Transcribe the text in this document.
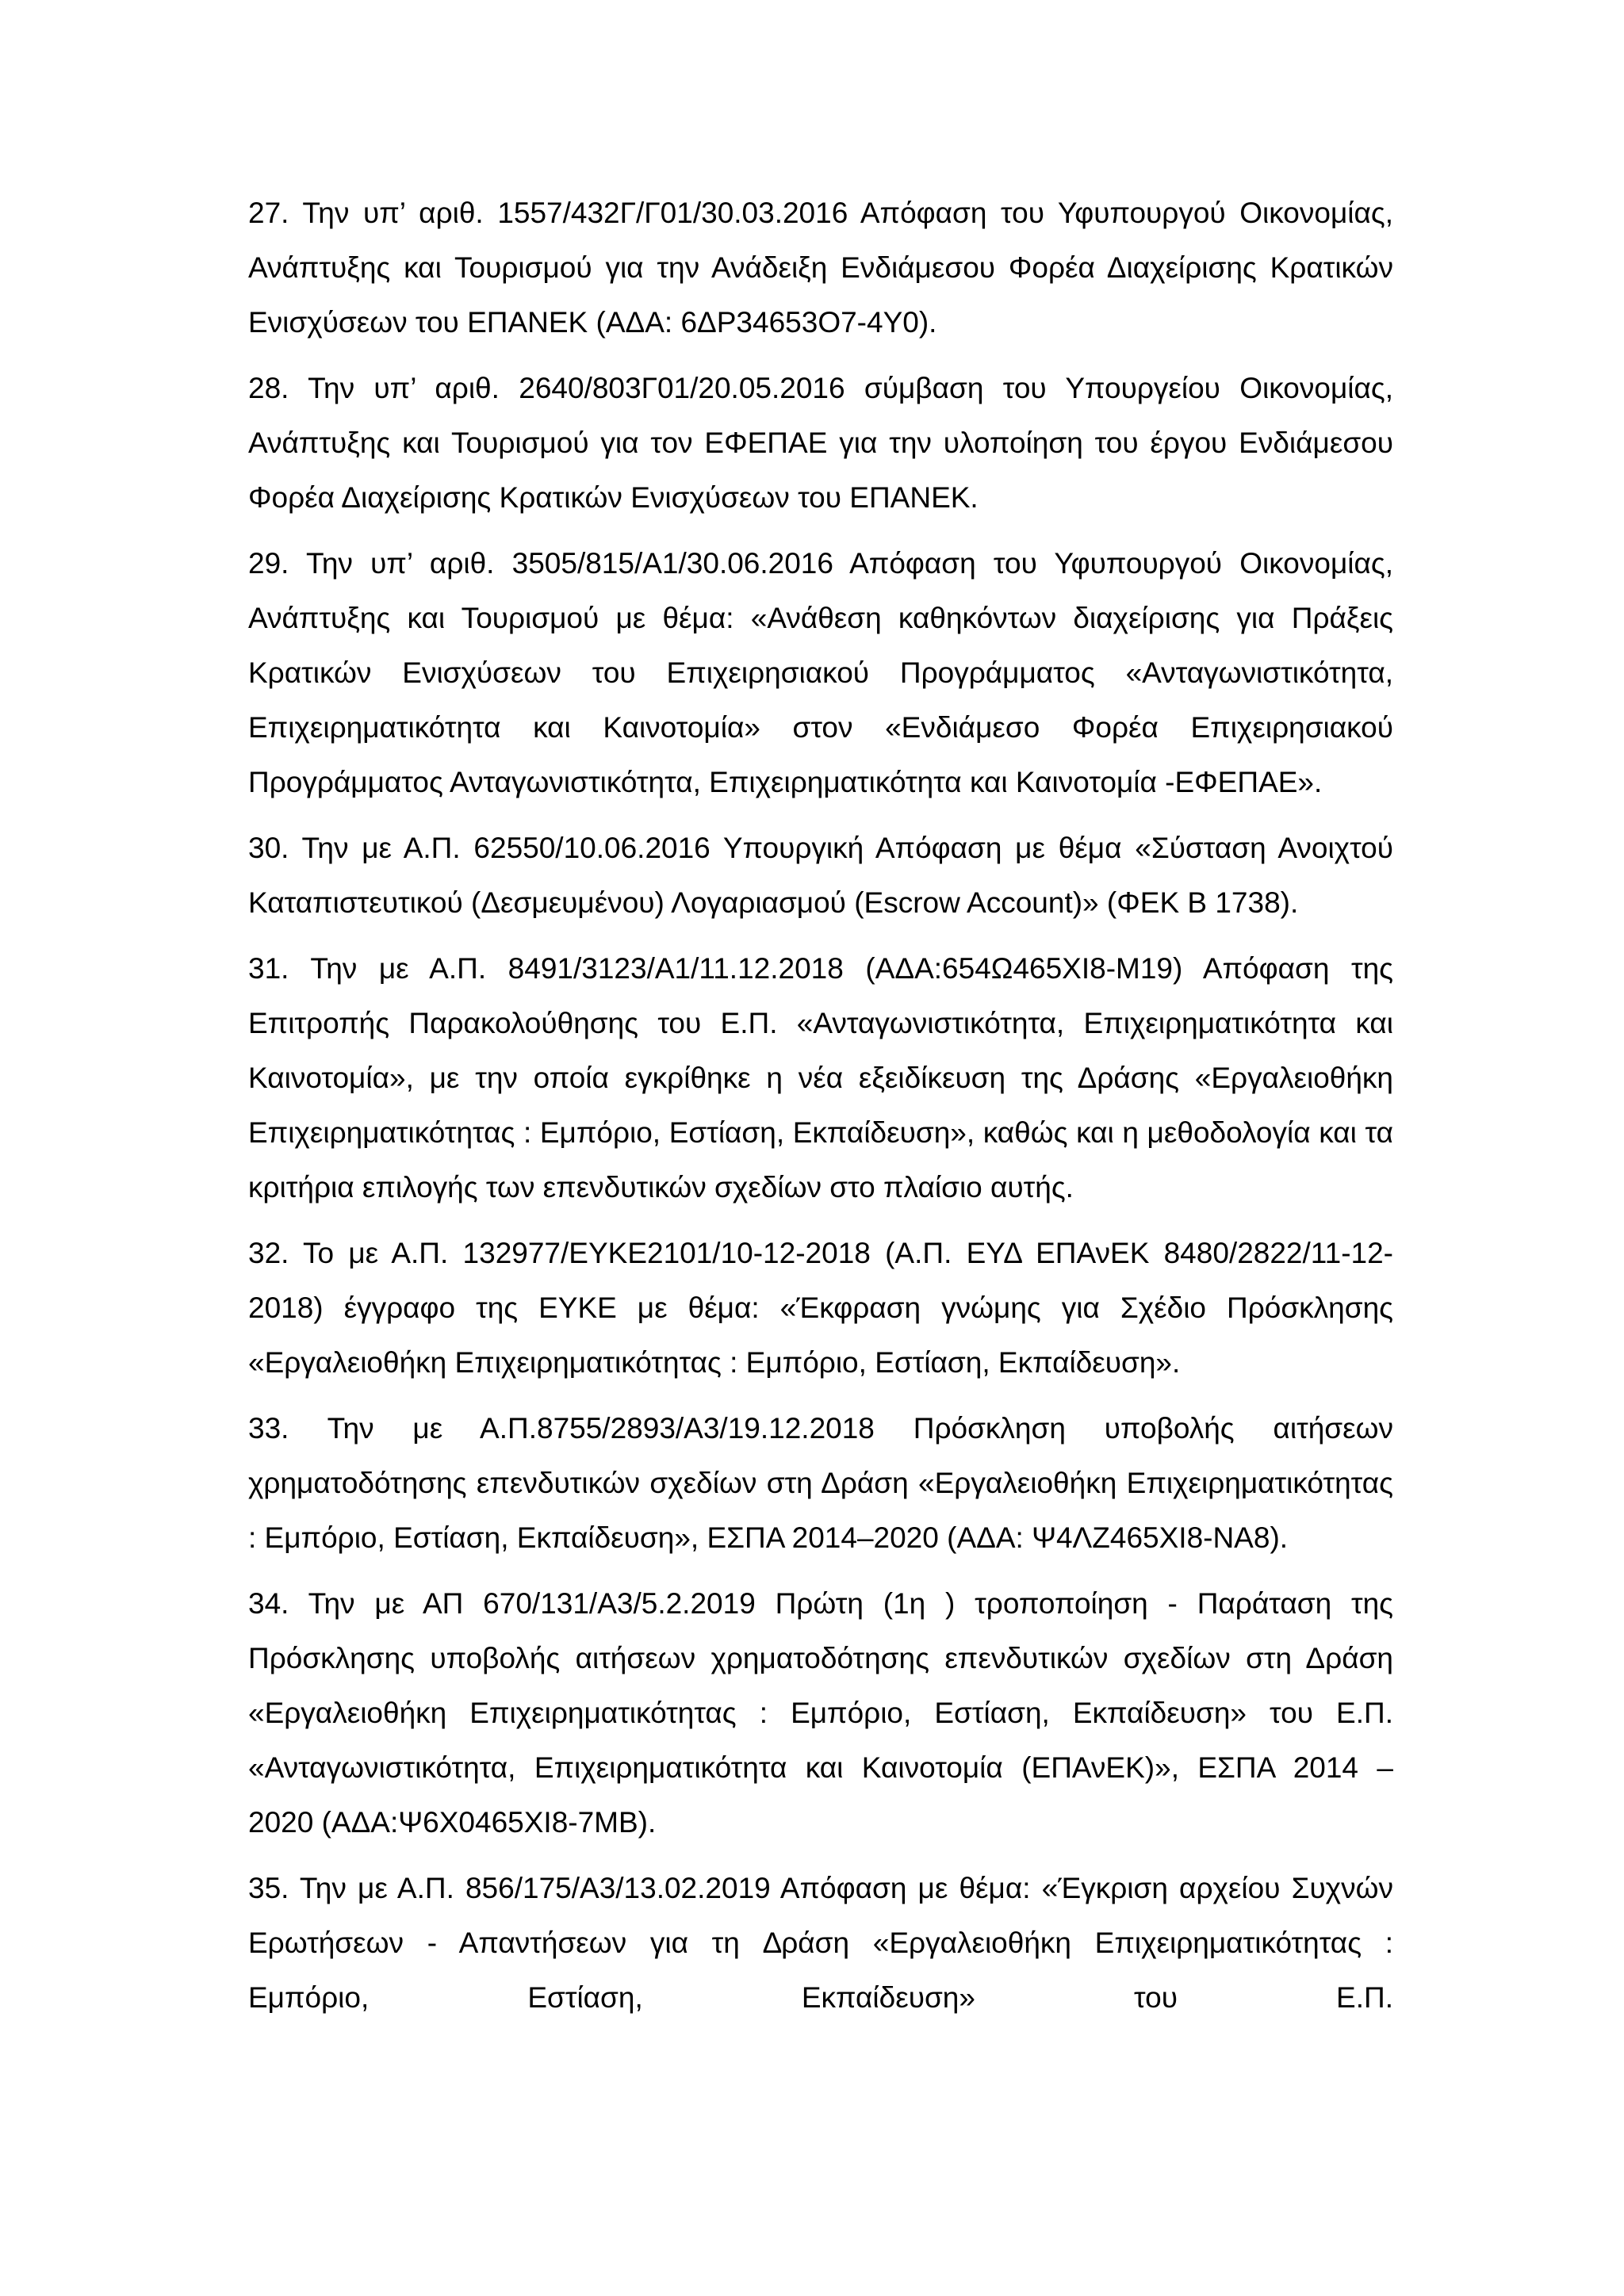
27. Την υπ’ αριθ. 1557/432Γ/Γ01/30.03.2016 Απόφαση του Υφυπουργού Οικονομίας, Ανάπτυξης και Τουρισμού για την Ανάδειξη Ενδιάμεσου Φορέα Διαχείρισης Κρατικών Ενισχύσεων του ΕΠΑΝΕΚ (ΑΔΑ: 6ΔΡ34653Ο7-4Υ0).

28. Την υπ’ αριθ. 2640/803Γ01/20.05.2016 σύμβαση του Υπουργείου Οικονομίας, Ανάπτυξης και Τουρισμού για τον ΕΦΕΠΑΕ για την υλοποίηση του έργου Ενδιάμεσου Φορέα Διαχείρισης Κρατικών Ενισχύσεων του ΕΠΑΝΕΚ.

29. Την υπ’ αριθ. 3505/815/Α1/30.06.2016 Απόφαση του Υφυπουργού Οικονομίας, Ανάπτυξης και Τουρισμού με θέμα: «Ανάθεση καθηκόντων διαχείρισης για Πράξεις Κρατικών Ενισχύσεων του Επιχειρησιακού Προγράμματος «Ανταγωνιστικότητα, Επιχειρηματικότητα και Καινοτομία» στον «Ενδιάμεσο Φορέα Επιχειρησιακού Προγράμματος Ανταγωνιστικότητα, Επιχειρηματικότητα και Καινοτομία -ΕΦΕΠΑΕ».

30. Την με Α.Π. 62550/10.06.2016 Υπουργική Απόφαση με θέμα «Σύσταση Ανοιχτού Καταπιστευτικού (Δεσμευμένου) Λογαριασμού (Escrow Account)» (ΦΕΚ Β 1738).

31. Την με Α.Π. 8491/3123/Α1/11.12.2018 (ΑΔΑ:654Ω465ΧΙ8-Μ19) Απόφαση της Επιτροπής Παρακολούθησης του Ε.Π. «Ανταγωνιστικότητα, Επιχειρηματικότητα και Καινοτομία», με την οποία εγκρίθηκε η νέα εξειδίκευση της Δράσης «Εργαλειοθήκη Επιχειρηματικότητας : Εμπόριο, Εστίαση, Εκπαίδευση», καθώς και η μεθοδολογία και τα κριτήρια επιλογής των επενδυτικών σχεδίων στο πλαίσιο αυτής.

32. Το με Α.Π. 132977/ΕΥΚΕ2101/10-12-2018 (Α.Π. ΕΥΔ ΕΠΑνΕΚ 8480/2822/11-12-2018) έγγραφο της ΕΥΚΕ με θέμα: «Έκφραση γνώμης για Σχέδιο Πρόσκλησης «Εργαλειοθήκη Επιχειρηματικότητας : Εμπόριο, Εστίαση, Εκπαίδευση».

33. Την με Α.Π.8755/2893/Α3/19.12.2018 Πρόσκληση υποβολής αιτήσεων χρηματοδότησης επενδυτικών σχεδίων στη Δράση «Εργαλειοθήκη Επιχειρηματικότητας : Εμπόριο, Εστίαση, Εκπαίδευση», ΕΣΠΑ 2014–2020 (ΑΔΑ: Ψ4ΛΖ465ΧΙ8-ΝΑ8).

34. Την με ΑΠ 670/131/Α3/5.2.2019 Πρώτη (1η ) τροποποίηση - Παράταση της Πρόσκλησης υποβολής αιτήσεων χρηματοδότησης επενδυτικών σχεδίων στη Δράση «Εργαλειοθήκη Επιχειρηματικότητας : Εμπόριο, Εστίαση, Εκπαίδευση» του Ε.Π. «Ανταγωνιστικότητα, Επιχειρηματικότητα και Καινοτομία (ΕΠΑνΕΚ)», ΕΣΠΑ 2014 – 2020 (ΑΔΑ:Ψ6Χ0465ΧΙ8-7ΜΒ).

35. Την με Α.Π. 856/175/Α3/13.02.2019 Απόφαση με θέμα: «Έγκριση αρχείου Συχνών Ερωτήσεων - Απαντήσεων για τη ∆ράση «Εργαλειοθήκη Επιχειρηματικότητας : Εμπόριο, Εστίαση, Εκπαίδευση» του Ε.Π.
